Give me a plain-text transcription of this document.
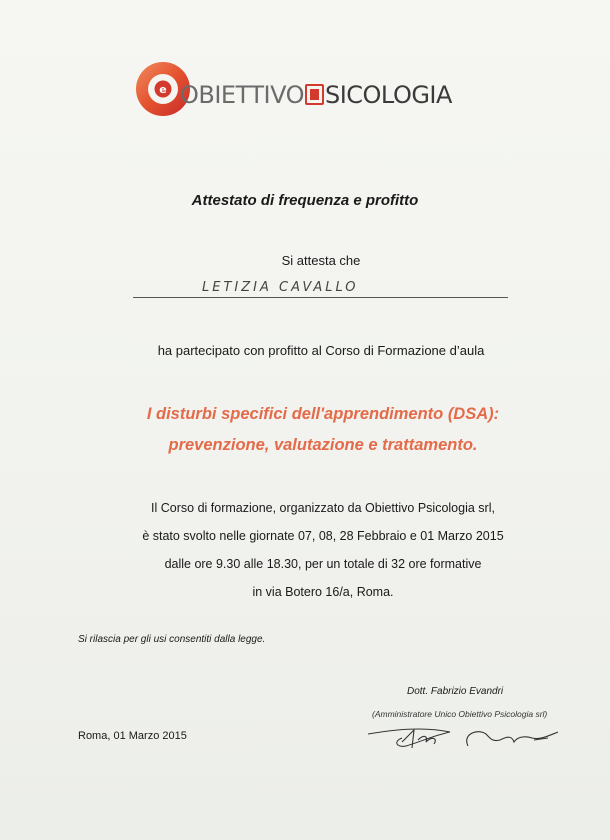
e OBIETTIVO SICOLOGIA
Attestato di frequenza e profitto
Si attesta che
LETIZIA CAVALLO
ha partecipato con profitto al Corso di Formazione d’aula
I disturbi specifici dell'apprendimento (DSA):
prevenzione, valutazione e trattamento.
Il Corso di formazione, organizzato da Obiettivo Psicologia srl,
è stato svolto nelle giornate 07, 08, 28 Febbraio e 01 Marzo 2015
dalle ore 9.30 alle 18.30, per un totale di 32 ore formative
in via Botero 16/a, Roma.
Si rilascia per gli usi consentiti dalla legge.
Dott. Fabrizio Evandri
(Amministratore Unico Obiettivo Psicologia srl)
Roma, 01 Marzo 2015
